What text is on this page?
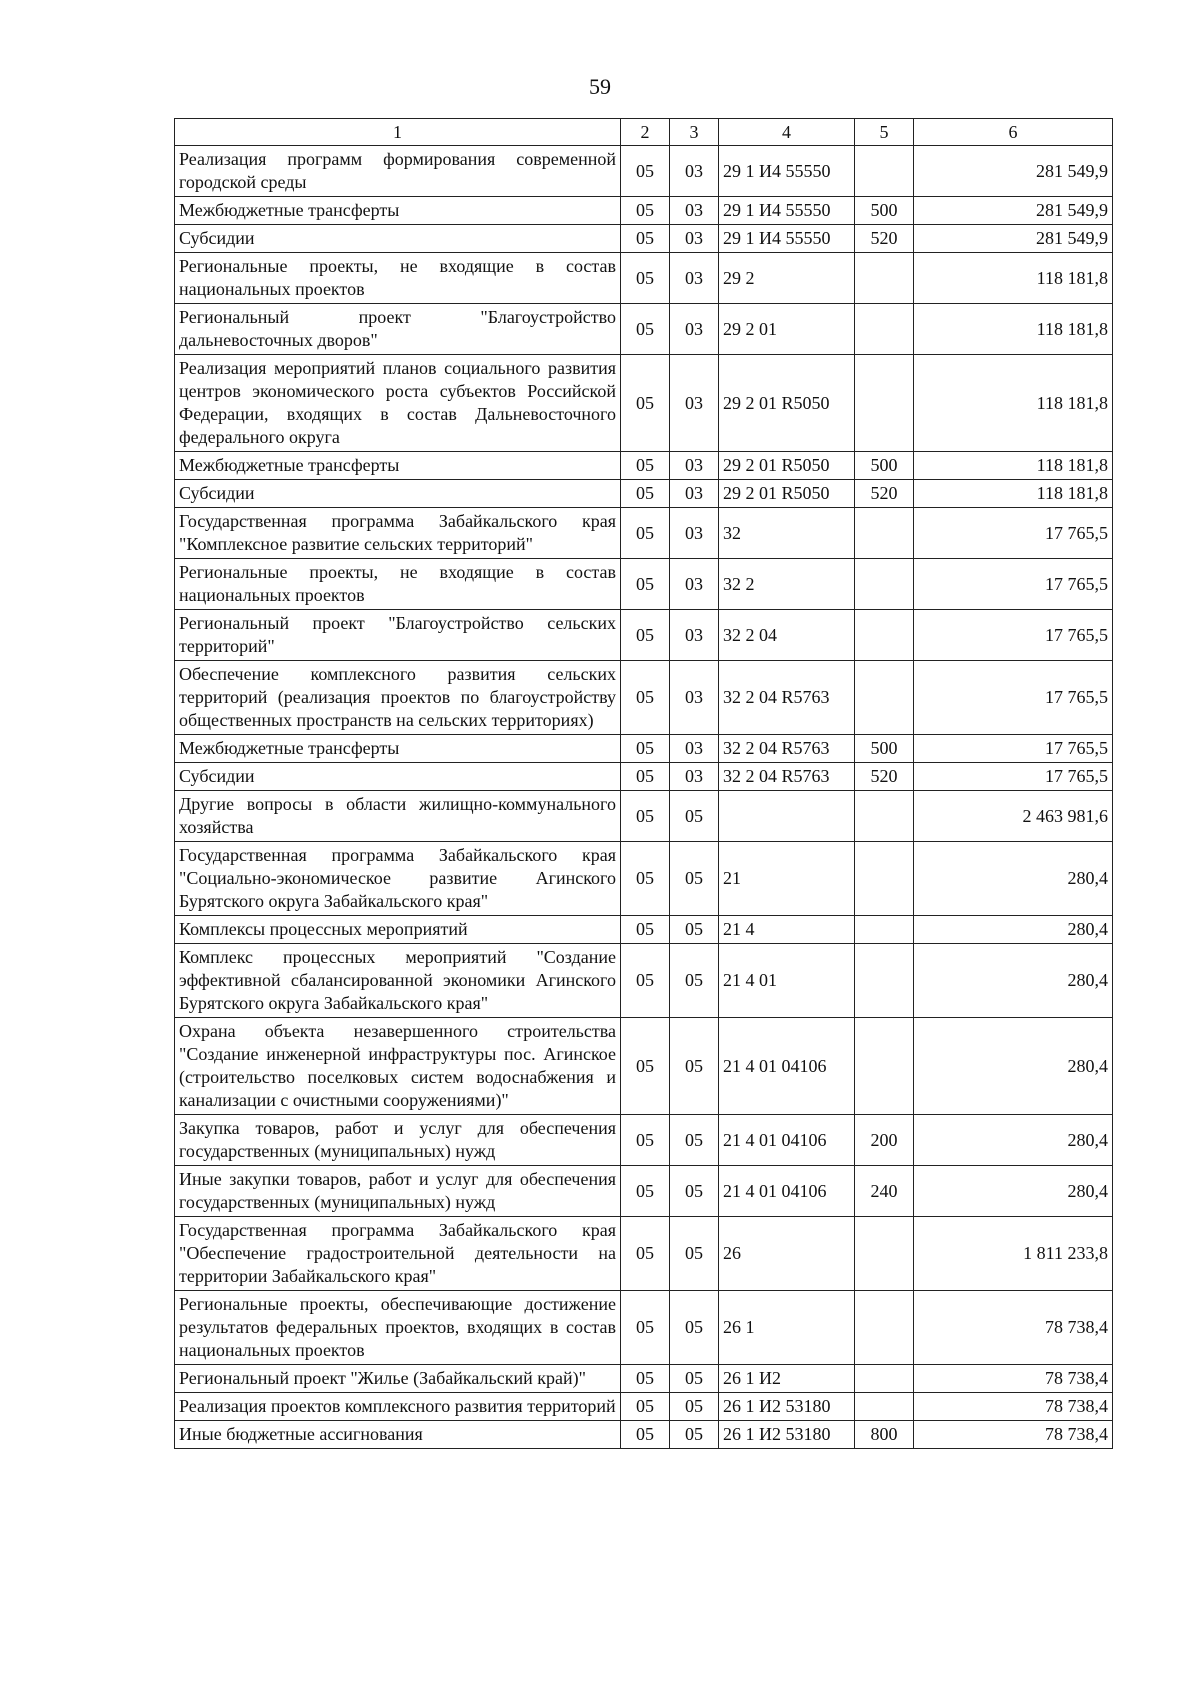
59
1	2	3	4	5	6
Реализация программ формирования современной городской среды	05	03	29 1 И4 55550		281 549,9
Межбюджетные трансферты	05	03	29 1 И4 55550	500	281 549,9
Субсидии	05	03	29 1 И4 55550	520	281 549,9
Региональные проекты, не входящие в состав национальных проектов	05	03	29 2		118 181,8
Региональный проект "Благоустройство дальневосточных дворов"	05	03	29 2 01		118 181,8
Реализация мероприятий планов социального развития центров экономического роста субъектов Российской Федерации, входящих в состав Дальневосточного федерального округа	05	03	29 2 01 R5050		118 181,8
Межбюджетные трансферты	05	03	29 2 01 R5050	500	118 181,8
Субсидии	05	03	29 2 01 R5050	520	118 181,8
Государственная программа Забайкальского края "Комплексное развитие сельских территорий"	05	03	32		17 765,5
Региональные проекты, не входящие в состав национальных проектов	05	03	32 2		17 765,5
Региональный проект "Благоустройство сельских территорий"	05	03	32 2 04		17 765,5
Обеспечение комплексного развития сельских территорий (реализация проектов по благоустройству общественных пространств на сельских территориях)	05	03	32 2 04 R5763		17 765,5
Межбюджетные трансферты	05	03	32 2 04 R5763	500	17 765,5
Субсидии	05	03	32 2 04 R5763	520	17 765,5
Другие вопросы в области жилищно-коммунального хозяйства	05	05			2 463 981,6
Государственная программа Забайкальского края "Социально-экономическое развитие Агинского Бурятского округа Забайкальского края"	05	05	21		280,4
Комплексы процессных мероприятий	05	05	21 4		280,4
Комплекс процессных мероприятий "Создание эффективной сбалансированной экономики Агинского Бурятского округа Забайкальского края"	05	05	21 4 01		280,4
Охрана объекта незавершенного строительства "Создание инженерной инфраструктуры пос. Агинское (строительство поселковых систем водоснабжения и канализации с очистными сооружениями)"	05	05	21 4 01 04106		280,4
Закупка товаров, работ и услуг для обеспечения государственных (муниципальных) нужд	05	05	21 4 01 04106	200	280,4
Иные закупки товаров, работ и услуг для обеспечения государственных (муниципальных) нужд	05	05	21 4 01 04106	240	280,4
Государственная программа Забайкальского края "Обеспечение градостроительной деятельности на территории Забайкальского края"	05	05	26		1 811 233,8
Региональные проекты, обеспечивающие достижение результатов федеральных проектов, входящих в состав национальных проектов	05	05	26 1		78 738,4
Региональный проект "Жилье (Забайкальский край)"	05	05	26 1 И2		78 738,4
Реализация проектов комплексного развития территорий	05	05	26 1 И2 53180		78 738,4
Иные бюджетные ассигнования	05	05	26 1 И2 53180	800	78 738,4
